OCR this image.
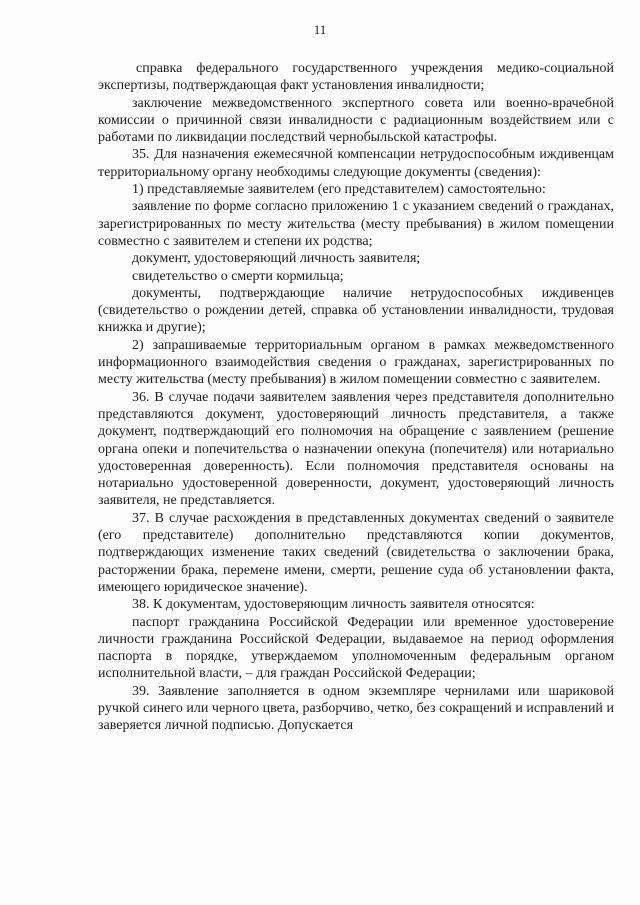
11

справка федерального государственного учреждения медико-социальной экспертизы, подтверждающая факт установления инвалидности;

заключение межведомственного экспертного совета или военно-врачебной комиссии о причинной связи инвалидности с радиационным воздействием или с работами по ликвидации последствий чернобыльской катастрофы.

35. Для назначения ежемесячной компенсации нетрудоспособным иждивенцам территориальному органу необходимы следующие документы (сведения):

1) представляемые заявителем (его представителем) самостоятельно:

заявление по форме согласно приложению 1 с указанием сведений о гражданах, зарегистрированных по месту жительства (месту пребывания) в жилом помещении совместно с заявителем и степени их родства;

документ, удостоверяющий личность заявителя;

свидетельство о смерти кормильца;

документы, подтверждающие наличие нетрудоспособных иждивенцев (свидетельство о рождении детей, справка об установлении инвалидности, трудовая книжка и другие);

2) запрашиваемые территориальным органом в рамках межведомственного информационного взаимодействия сведения о гражданах, зарегистрированных по месту жительства (месту пребывания) в жилом помещении совместно с заявителем.

36. В случае подачи заявителем заявления через представителя дополнительно представляются документ, удостоверяющий личность представителя, а также документ, подтверждающий его полномочия на обращение с заявлением (решение органа опеки и попечительства о назначении опекуна (попечителя) или нотариально удостоверенная доверенность). Если полномочия представителя основаны на нотариально удостоверенной доверенности, документ, удостоверяющий личность заявителя, не представляется.

37. В случае расхождения в представленных документах сведений о заявителе (его представителе) дополнительно представляются копии документов, подтверждающих изменение таких сведений (свидетельства о заключении брака, расторжении брака, перемене имени, смерти, решение суда об установлении факта, имеющего юридическое значение).

38. К документам, удостоверяющим личность заявителя относятся:

паспорт гражданина Российской Федерации или временное удостоверение личности гражданина Российской Федерации, выдаваемое на период оформления паспорта в порядке, утверждаемом уполномоченным федеральным органом исполнительной власти, – для граждан Российской Федерации;

39. Заявление заполняется в одном экземпляре чернилами или шариковой ручкой синего или черного цвета, разборчиво, четко, без сокращений и исправлений и заверяется личной подписью. Допускается
